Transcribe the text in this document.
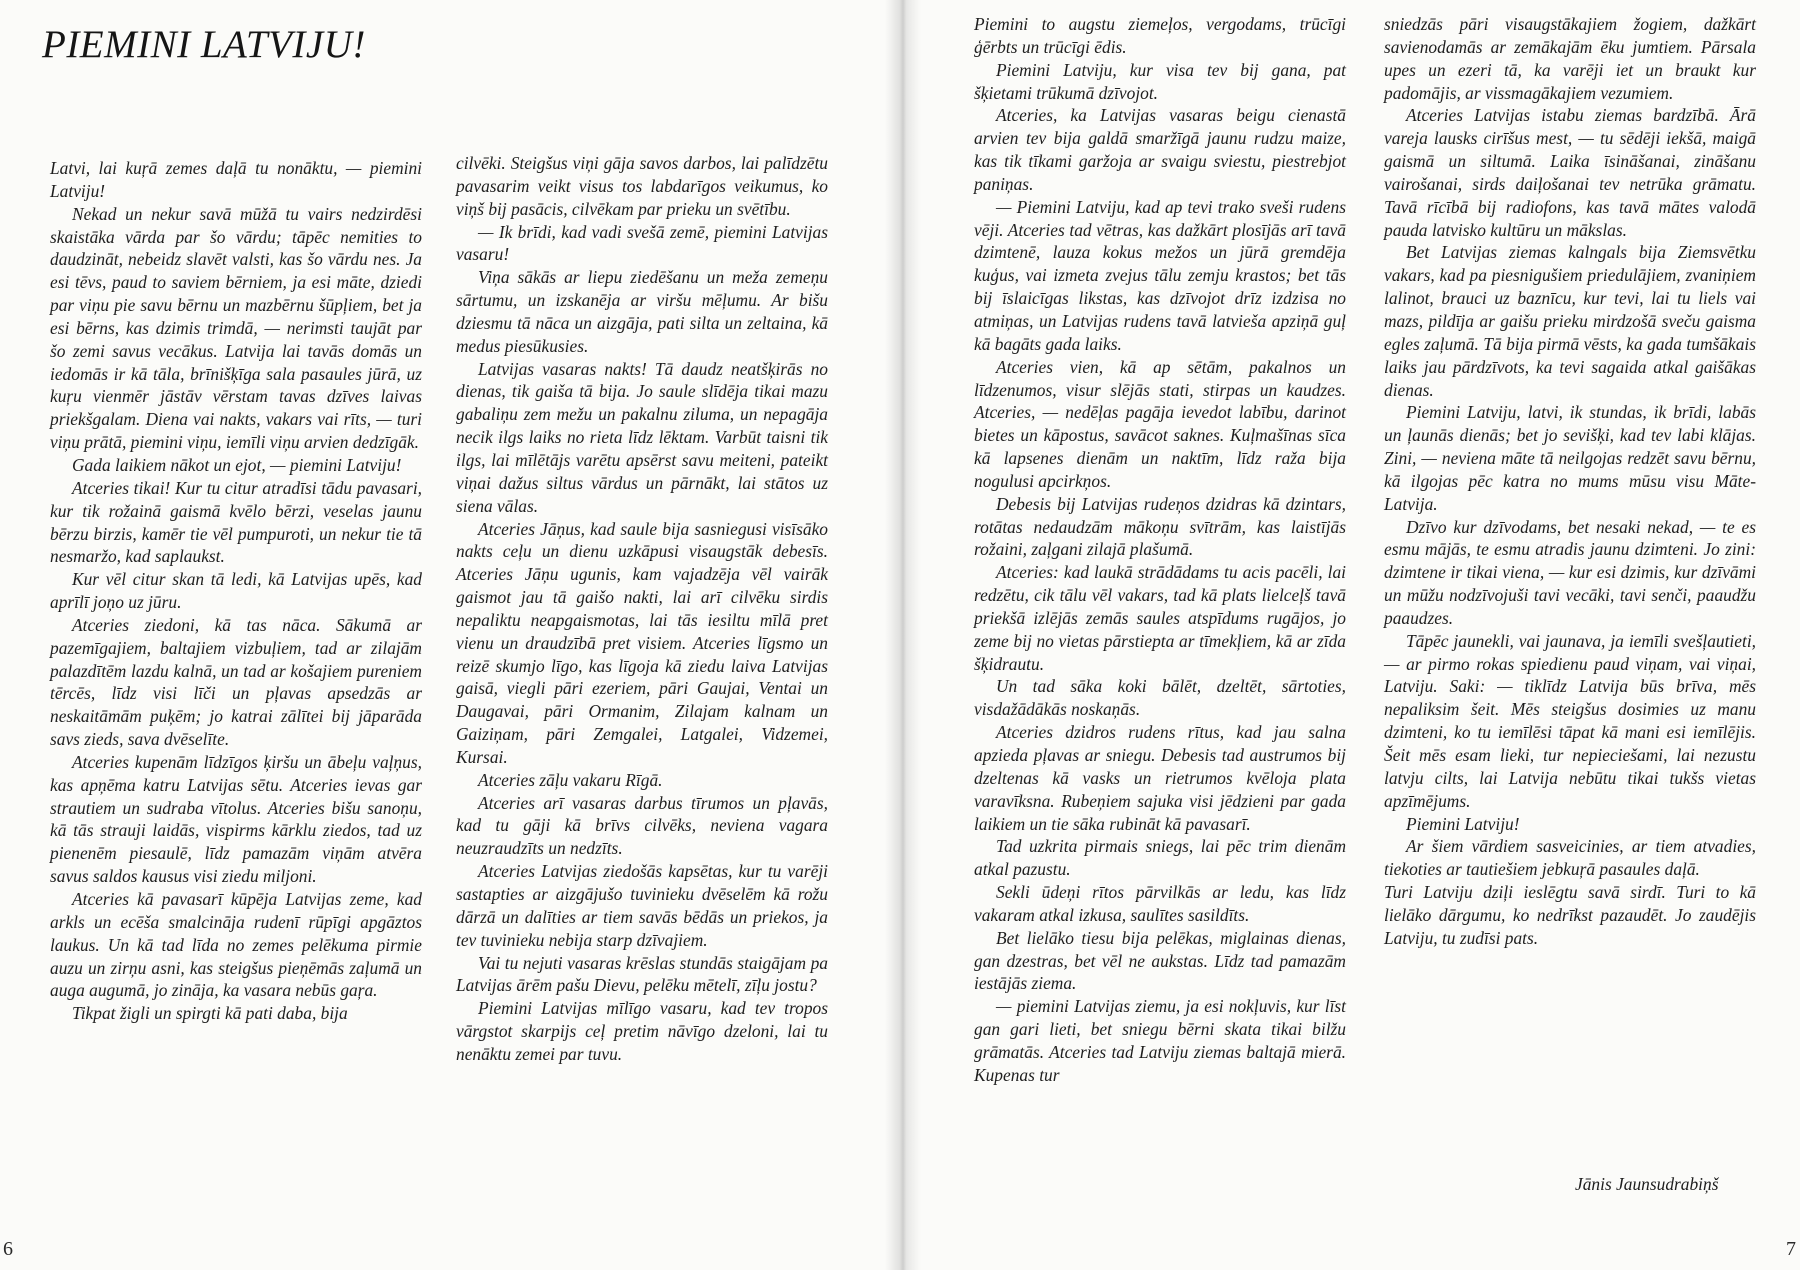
PIEMINI LATVIJU!

Latvi, lai kuŗā zemes daļā tu nonāktu, — piemini Latviju!

Nekad un nekur savā mūžā tu vairs nedzirdēsi skaistāka vārda par šo vārdu; tāpēc nemities to daudzināt, nebeidz slavēt valsti, kas šo vārdu nes. Ja esi tēvs, paud to saviem bērniem, ja esi māte, dziedi par viņu pie savu bērnu un mazbērnu šūpļiem, bet ja esi bērns, kas dzimis trimdā, — nerimsti taujāt par šo zemi savus vecākus. Latvija lai tavās domās un iedomās ir kā tāla, brīnišķīga sala pasaules jūrā, uz kuŗu vienmēr jāstāv vērstam tavas dzīves laivas priekšgalam. Diena vai nakts, vakars vai rīts, — turi viņu prātā, piemini viņu, iemīli viņu arvien dedzīgāk.

Gada laikiem nākot un ejot, — piemini Latviju!

Atceries tikai! Kur tu citur atradīsi tādu pavasari, kur tik rožainā gaismā kvēlo bērzi, veselas jaunu bērzu birzis, kamēr tie vēl pumpuroti, un nekur tie tā nesmaržo, kad saplaukst.

Kur vēl citur skan tā ledi, kā Latvijas upēs, kad aprīlī joņo uz jūru.

Atceries ziedoni, kā tas nāca. Sākumā ar pazemīgajiem, baltajiem vizbuļiem, tad ar zilajām palazdītēm lazdu kalnā, un tad ar košajiem pureniem tērcēs, līdz visi līči un pļavas apsedzās ar neskaitāmām puķēm; jo katrai zālītei bij jāparāda savs zieds, sava dvēselīte.

Atceries kupenām līdzīgos ķiršu un ābeļu vaļņus, kas apņēma katru Latvijas sētu. Atceries ievas gar strautiem un sudraba vītolus. Atceries bišu sanoņu, kā tās strauji laidās, vispirms kārklu ziedos, tad uz pienenēm piesaulē, līdz pamazām viņām atvēra savus saldos kausus visi ziedu miljoni.

Atceries kā pavasarī kūpēja Latvijas zeme, kad arkls un ecēša smalcināja rudenī rūpīgi apgāztos laukus. Un kā tad līda no zemes pelēkuma pirmie auzu un zirņu asni, kas steigšus pieņēmās zaļumā un auga augumā, jo zināja, ka vasara nebūs gaŗa.

Tikpat žigli un spirgti kā pati daba, bija

cilvēki. Steigšus viņi gāja savos darbos, lai palīdzētu pavasarim veikt visus tos labdarīgos veikumus, ko viņš bij pasācis, cilvēkam par prieku un svētību.

— Ik brīdi, kad vadi svešā zemē, piemini Latvijas vasaru!

Viņa sākās ar liepu ziedēšanu un meža zemeņu sārtumu, un izskanēja ar viršu mēļumu. Ar bišu dziesmu tā nāca un aizgāja, pati silta un zeltaina, kā medus piesūkusies.

Latvijas vasaras nakts! Tā daudz neatšķirās no dienas, tik gaiša tā bija. Jo saule slīdēja tikai mazu gabaliņu zem mežu un pakalnu ziluma, un nepagāja necik ilgs laiks no rieta līdz lēktam. Varbūt taisni tik ilgs, lai mīlētājs varētu apsērst savu meiteni, pateikt viņai dažus siltus vārdus un pārnākt, lai stātos uz siena vālas.

Atceries Jāņus, kad saule bija sasniegusi visīsāko nakts ceļu un dienu uzkāpusi visaugstāk debesīs. Atceries Jāņu ugunis, kam vajadzēja vēl vairāk gaismot jau tā gaišo nakti, lai arī cilvēku sirdis nepaliktu neapgaismotas, lai tās iesiltu mīlā pret vienu un draudzībā pret visiem. Atceries līgsmo un reizē skumjo līgo, kas līgoja kā ziedu laiva Latvijas gaisā, viegli pāri ezeriem, pāri Gaujai, Ventai un Daugavai, pāri Ormanim, Zilajam kalnam un Gaiziņam, pāri Zemgalei, Latgalei, Vidzemei, Kursai.

Atceries zāļu vakaru Rīgā.

Atceries arī vasaras darbus tīrumos un pļavās, kad tu gāji kā brīvs cilvēks, neviena vagara neuzraudzīts un nedzīts.

Atceries Latvijas ziedošās kapsētas, kur tu varēji sastapties ar aizgājušo tuvinieku dvēselēm kā rožu dārzā un dalīties ar tiem savās bēdās un priekos, ja tev tuvinieku nebija starp dzīvajiem.

Vai tu nejuti vasaras krēslas stundās staigājam pa Latvijas ārēm pašu Dievu, pelēku mētelī, zīļu jostu?

Piemini Latvijas mīlīgo vasaru, kad tev tropos vārgstot skarpijs ceļ pretim nāvīgo dzeloni, lai tu nenāktu zemei par tuvu.

6

Piemini to augstu ziemeļos, vergodams, trūcīgi ģērbts un trūcīgi ēdis.

Piemini Latviju, kur visa tev bij gana, pat šķietami trūkumā dzīvojot.

Atceries, ka Latvijas vasaras beigu cienastā arvien tev bija galdā smaržīgā jaunu rudzu maize, kas tik tīkami garžoja ar svaigu sviestu, piestrebjot paniņas.

— Piemini Latviju, kad ap tevi trako sveši rudens vēji. Atceries tad vētras, kas dažkārt plosījās arī tavā dzimtenē, lauza kokus mežos un jūrā gremdēja kuģus, vai izmeta zvejus tālu zemju krastos; bet tās bij īslaicīgas likstas, kas dzīvojot drīz izdzisa no atmiņas, un Latvijas rudens tavā latvieša apziņā guļ kā bagāts gada laiks.

Atceries vien, kā ap sētām, pakalnos un līdzenumos, visur slējās stati, stirpas un kaudzes. Atceries, — nedēļas pagāja ievedot labību, darinot bietes un kāpostus, savācot saknes. Kuļmašīnas sīca kā lapsenes dienām un naktīm, līdz raža bija nogulusi apcirkņos.

Debesis bij Latvijas rudeņos dzidras kā dzintars, rotātas nedaudzām mākoņu svītrām, kas laistījās rožaini, zaļgani zilajā plašumā.

Atceries: kad laukā strādādams tu acis pacēli, lai redzētu, cik tālu vēl vakars, tad kā plats lielceļš tavā priekšā izlējās zemās saules atspīdums rugājos, jo zeme bij no vietas pārstiepta ar tīmekļiem, kā ar zīda šķidrautu.

Un tad sāka koki bālēt, dzeltēt, sārtoties, visdažādākās noskaņās.

Atceries dzidros rudens rītus, kad jau salna apzieda pļavas ar sniegu. Debesis tad austrumos bij dzeltenas kā vasks un rietrumos kvēloja plata varavīksna. Rubeņiem sajuka visi jēdzieni par gada laikiem un tie sāka rubināt kā pavasarī.

Tad uzkrita pirmais sniegs, lai pēc trim dienām atkal pazustu.

Sekli ūdeņi rītos pārvilkās ar ledu, kas līdz vakaram atkal izkusa, saulītes sasildīts.

Bet lielāko tiesu bija pelēkas, miglainas dienas, gan dzestras, bet vēl ne aukstas. Līdz tad pamazām iestājās ziema.

— piemini Latvijas ziemu, ja esi nokļuvis, kur līst gan gari lieti, bet sniegu bērni skata tikai bilžu grāmatās. Atceries tad Latviju ziemas baltajā mierā. Kupenas tur

sniedzās pāri visaugstākajiem žogiem, dažkārt savienodamās ar zemākajām ēku jumtiem. Pārsala upes un ezeri tā, ka varēji iet un braukt kur padomājis, ar vissmagākajiem vezumiem.

Atceries Latvijas istabu ziemas bardzībā. Ārā vareja lausks cirīšus mest, — tu sēdēji iekšā, maigā gaismā un siltumā. Laika īsināšanai, zināšanu vairošanai, sirds daiļošanai tev netrūka grāmatu. Tavā rīcībā bij radiofons, kas tavā mātes valodā pauda latvisko kultūru un mākslas.

Bet Latvijas ziemas kalngals bija Ziemsvētku vakars, kad pa piesnigušiem priedulājiem, zvaniņiem lalinot, brauci uz baznīcu, kur tevi, lai tu liels vai mazs, pildīja ar gaišu prieku mirdzošā sveču gaisma egles zaļumā. Tā bija pirmā vēsts, ka gada tumšākais laiks jau pārdzīvots, ka tevi sagaida atkal gaišākas dienas.

Piemini Latviju, latvi, ik stundas, ik brīdi, labās un ļaunās dienās; bet jo sevišķi, kad tev labi klājas. Zini, — neviena māte tā neilgojas redzēt savu bērnu, kā ilgojas pēc katra no mums mūsu visu Māte-Latvija.

Dzīvo kur dzīvodams, bet nesaki nekad, — te es esmu mājās, te esmu atradis jaunu dzimteni. Jo zini: dzimtene ir tikai viena, — kur esi dzimis, kur dzīvāmi un mūžu nodzīvojuši tavi vecāki, tavi senči, paaudžu paaudzes.

Tāpēc jaunekli, vai jaunava, ja iemīli svešļautieti, — ar pirmo rokas spiedienu paud viņam, vai viņai, Latviju. Saki: — tiklīdz Latvija būs brīva, mēs nepaliksim šeit. Mēs steigšus dosimies uz manu dzimteni, ko tu iemīlēsi tāpat kā mani esi iemīlējis. Šeit mēs esam lieki, tur nepieciešami, lai nezustu latvju cilts, lai Latvija nebūtu tikai tukšs vietas apzīmējums.

Piemini Latviju!

Ar šiem vārdiem sasveicinies, ar tiem atvadies, tiekoties ar tautiešiem jebkuŗā pasaules daļā.

Turi Latviju dziļi ieslēgtu savā sirdī. Turi to kā lielāko dārgumu, ko nedrīkst pazaudēt. Jo zaudējis Latviju, tu zudīsi pats.

Jānis Jaunsudrabiņš
7
